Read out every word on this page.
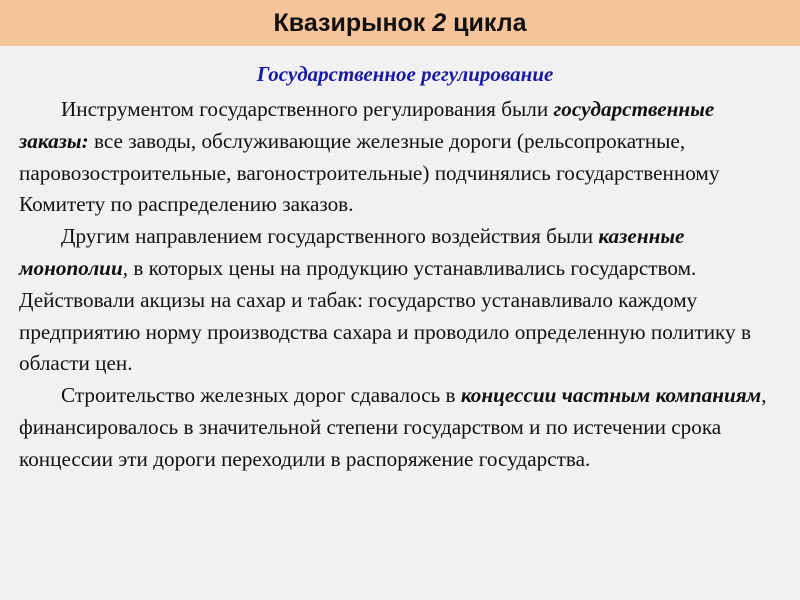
Квазирынок 2 цикла
Государственное регулирование

Инструментом государственного регулирования были государственные заказы: все заводы, обслуживающие железные дороги (рельсопрокатные, паровозостроительные, вагоностроительные) подчинялись государственному Комитету по распределению заказов.

Другим направлением государственного воздействия были казенные монополии, в которых цены на продукцию устанавливались государством. Действовали акцизы на сахар и табак: государство устанавливало каждому предприятию норму производства сахара и проводило определенную политику в области цен.

Строительство железных дорог сдавалось в концессии частным компаниям, финансировалось в значительной степени государством и по истечении срока концессии эти дороги переходили в распоряжение государства.
